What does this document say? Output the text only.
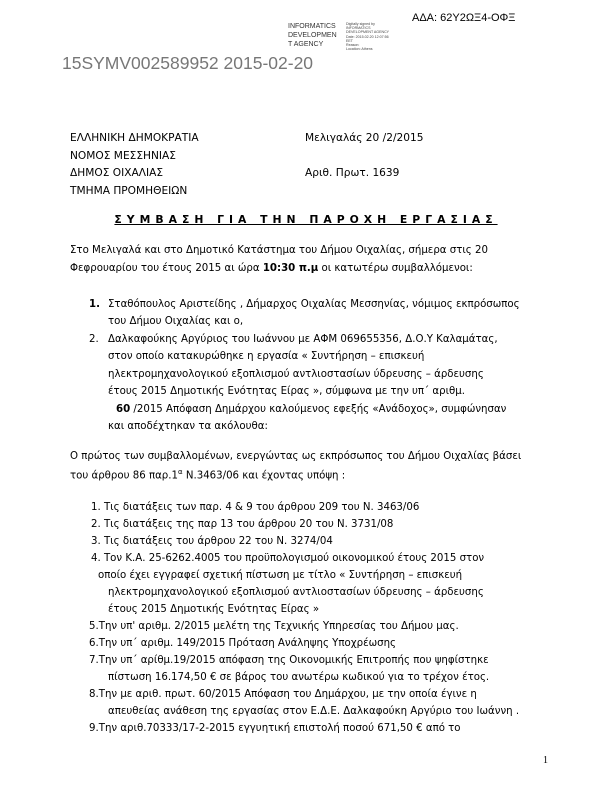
ΑΔΑ: 62Υ2ΩΞ4-ΟΦΞ
INFORMATICS
DEVELOPMEN
T AGENCY
Digitally signed by
INFORMATICS
DEVELOPMENT AGENCY
Date: 2015.02.20 12:07:56
EET
Reason:
Location: Athens
15SYMV002589952 2015-02-20
ΕΛΛΗΝΙΚΗ ΔΗΜΟΚΡΑΤΙΑ
ΝΟΜΟΣ ΜΕΣΣΗΝΙΑΣ
ΔΗΜΟΣ ΟΙΧΑΛΙΑΣ
ΤΜΗΜΑ ΠΡΟΜΗΘΕΙΩΝ
Μελιγαλάς 20 /2/2015

Αριθ. Πρωτ. 1639
ΣΥΜΒΑΣΗ ΓΙΑ ΤΗΝ ΠΑΡΟΧΗ ΕΡΓΑΣΙΑΣ
Στο Μελιγαλά και στο Δημοτικό Κατάστημα του Δήμου Οιχαλίας, σήμερα στις 20
Φεφρουαρίου του έτους 2015 αι ώρα 10:30 π.μ οι κατωτέρω συμβαλλόμενοι:
1. Σταθόπουλος Αριστείδης , Δήμαρχος Οιχαλίας Μεσσηνίας, νόμιμος εκπρόσωπος
του Δήμου Οιχαλίας και ο,
2. Δαλκαφούκης Αργύριος του Ιωάννου με ΑΦΜ 069655356, Δ.Ο.Υ Καλαμάτας,
στον οποίο κατακυρώθηκε η εργασία « Συντήρηση – επισκευή
ηλεκτρομηχανολογικού εξοπλισμού αντλιοστασίων ύδρευσης – άρδευσης
έτους 2015 Δημοτικής Ενότητας Είρας », σύμφωνα με την υπ΄ αριθμ.
60 /2015 Απόφαση Δημάρχου καλούμενος εφεξής «Ανάδοχος», συμφώνησαν
και αποδέχτηκαν τα ακόλουθα:
Ο πρώτος των συμβαλλομένων, ενεργώντας ως εκπρόσωπος του Δήμου Οιχαλίας βάσει
του άρθρου 86 $\pi\alpha\rho.1^\alpha$ Ν.3463/06 και έχοντας υπόψη :
1. Τις διατάξεις των παρ. 4 & 9 του άρθρου 209 του Ν. 3463/06
2. Τις διατάξεις της παρ 13 του άρθρου 20 του Ν. 3731/08
3. Τις διατάξεις του άρθρου 22 του Ν. 3274/04
4. Τον Κ.Α. 25-6262.4005 του προϋπολογισμού οικονομικού έτους 2015 στον
οποίο έχει εγγραφεί σχετική πίστωση με τίτλο « Συντήρηση – επισκευή
ηλεκτρομηχανολογικού εξοπλισμού αντλιοστασίων ύδρευσης – άρδευσης
έτους 2015 Δημοτικής Ενότητας Είρας »
5.Την υπ' αριθμ. 2/2015 μελέτη της Τεχνικής Υπηρεσίας του Δήμου μας.
6.Την υπ΄ αριθμ. 149/2015 Πρόταση Ανάληψης Υποχρέωσης
7.Την υπ΄ αρίθμ.19/2015 απόφαση της Οικονομικής Επιτροπής που ψηφίστηκε
πίστωση 16.174,50 € σε βάρος του ανωτέρω κωδικού για το τρέχον έτος.
8.Την με αριθ. πρωτ. 60/2015 Απόφαση του Δημάρχου, με την οποία έγινε η
απευθείας ανάθεση της εργασίας στον Ε.Δ.Ε. Δαλκαφούκη Αργύριο του Ιωάννη .
9.Την αριθ.70333/17-2-2015 εγγυητική επιστολή ποσού 671,50 € από το
1
